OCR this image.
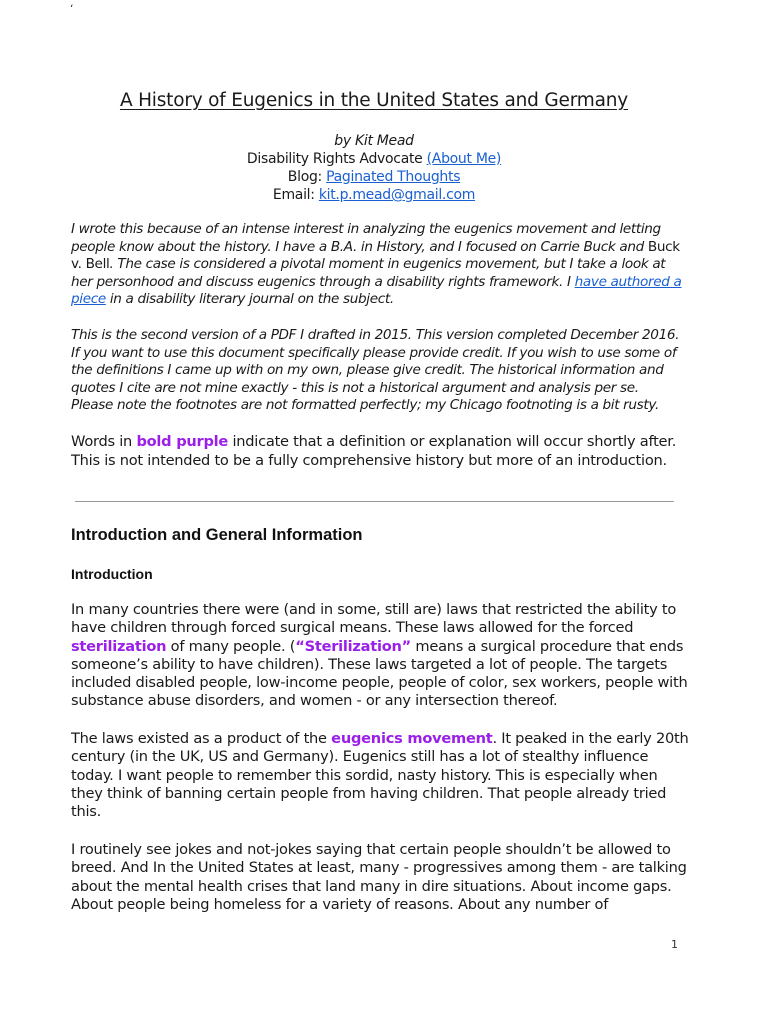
ʻ
A History of Eugenics in the United States and Germany
by Kit Mead
Disability Rights Advocate (About Me)
Blog: Paginated Thoughts
Email: kit.p.mead@gmail.com
I wrote this because of an intense interest in analyzing the eugenics movement and letting people know about the history. I have a B.A. in History, and I focused on Carrie Buck and Buck v. Bell. The case is considered a pivotal moment in eugenics movement, but I take a look at her personhood and discuss eugenics through a disability rights framework. I have authored a piece in a disability literary journal on the subject.
This is the second version of a PDF I drafted in 2015. This version completed December 2016. If you want to use this document specifically please provide credit. If you wish to use some of the definitions I came up with on my own, please give credit. The historical information and quotes I cite are not mine exactly - this is not a historical argument and analysis per se. Please note the footnotes are not formatted perfectly; my Chicago footnoting is a bit rusty.
Words in bold purple indicate that a definition or explanation will occur shortly after. This is not intended to be a fully comprehensive history but more of an introduction.
Introduction and General Information
Introduction
In many countries there were (and in some, still are) laws that restricted the ability to have children through forced surgical means. These laws allowed for the forced sterilization of many people. (“Sterilization” means a surgical procedure that ends someone’s ability to have children). These laws targeted a lot of people. The targets included disabled people, low-income people, people of color, sex workers, people with substance abuse disorders, and women - or any intersection thereof.
The laws existed as a product of the eugenics movement. It peaked in the early 20th century (in the UK, US and Germany). Eugenics still has a lot of stealthy influence today. I want people to remember this sordid, nasty history. This is especially when they think of banning certain people from having children. That people already tried this.
I routinely see jokes and not-jokes saying that certain people shouldn’t be allowed to breed. And In the United States at least, many - progressives among them - are talking about the mental health crises that land many in dire situations. About income gaps. About people being homeless for a variety of reasons. About any number of
1
